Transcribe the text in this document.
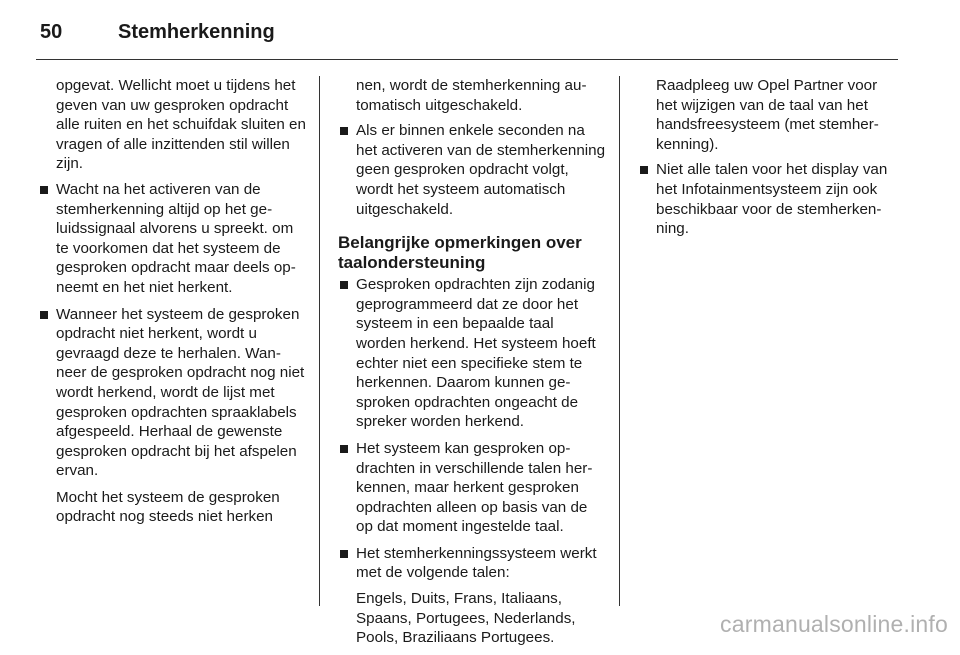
50	Stemherkenning

opgevat. Wellicht moet u tijdens het geven van uw gesproken opdracht alle ruiten en het schuifdak sluiten en vragen of alle inzittenden stil willen zijn.

Wacht na het activeren van de stemherkenning altijd op het geluidssignaal alvorens u spreekt. om te voorkomen dat het systeem de gesproken opdracht maar deels opneemt en het niet herkent.
Wanneer het systeem de gesproken opdracht niet herkent, wordt u gevraagd deze te herhalen. Wanneer de gesproken opdracht nog niet wordt herkend, wordt de lijst met gesproken opdrachten spraaklabels afgespeeld. Herhaal de gewenste gesproken opdracht bij het afspelen ervan.

Mocht het systeem de gesproken opdracht nog steeds niet herken

nen, wordt de stemherkenning automatisch uitgeschakeld.

Als er binnen enkele seconden na het activeren van de stemherkenning geen gesproken opdracht volgt, wordt het systeem automatisch uitgeschakeld.
Belangrijke opmerkingen over taalondersteuning
Gesproken opdrachten zijn zodanig geprogrammeerd dat ze door het systeem in een bepaalde taal worden herkend. Het systeem hoeft echter niet een specifieke stem te herkennen. Daarom kunnen gesproken opdrachten ongeacht de spreker worden herkend.
Het systeem kan gesproken opdrachten in verschillende talen herkennen, maar herkent gesproken opdrachten alleen op basis van de op dat moment ingestelde taal.
Het stemherkenningssysteem werkt met de volgende talen:
Engels, Duits, Frans, Italiaans, Spaans, Portugees, Nederlands, Pools, Braziliaans Portugees.

Raadpleeg uw Opel Partner voor het wijzigen van de taal van het handsfreesysteem (met stemherkenning).

Niet alle talen voor het display van het Infotainmentsysteem zijn ook beschikbaar voor de stemherkenning.
carmanualsonline.info
